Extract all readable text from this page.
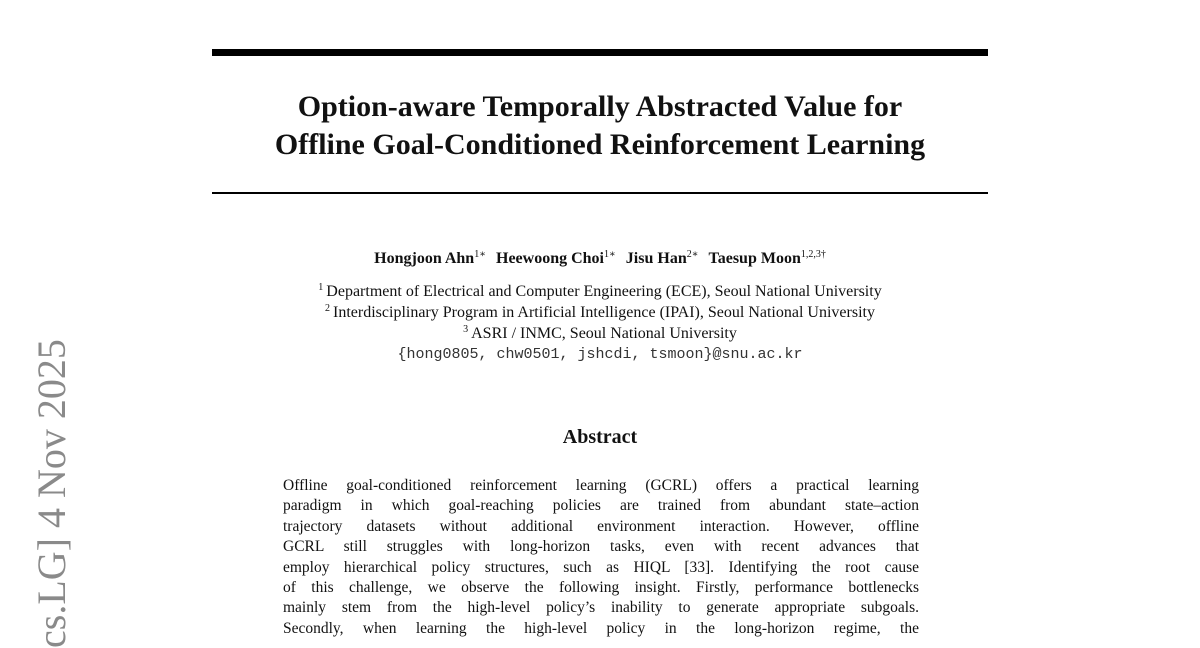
Option-aware Temporally Abstracted Value for
Offline Goal-Conditioned Reinforcement Learning
Hongjoon Ahn$^{1∗}$ Heewoong Choi$^{1∗}$ Jisu Han$^{2∗}$ Taesup Moon$^{1,2,3\dagger}$
$^1$ Department of Electrical and Computer Engineering (ECE), Seoul National University
$^2$ Interdisciplinary Program in Artificial Intelligence (IPAI), Seoul National University
$^3$ ASRI / INMC, Seoul National University
{hong0805, chw0501, jshcdi, tsmoon}@snu.ac.kr
Abstract
Offline goal-conditioned reinforcement learning (GCRL) offers a practical learning
paradigm in which goal-reaching policies are trained from abundant state–action
trajectory datasets without additional environment interaction. However, offline
GCRL still struggles with long-horizon tasks, even with recent advances that
employ hierarchical policy structures, such as HIQL [33]. Identifying the root cause
of this challenge, we observe the following insight. Firstly, performance bottlenecks
mainly stem from the high-level policy’s inability to generate appropriate subgoals.
Secondly, when learning the high-level policy in the long-horizon regime, the
cs.LG] 4 Nov 2025
